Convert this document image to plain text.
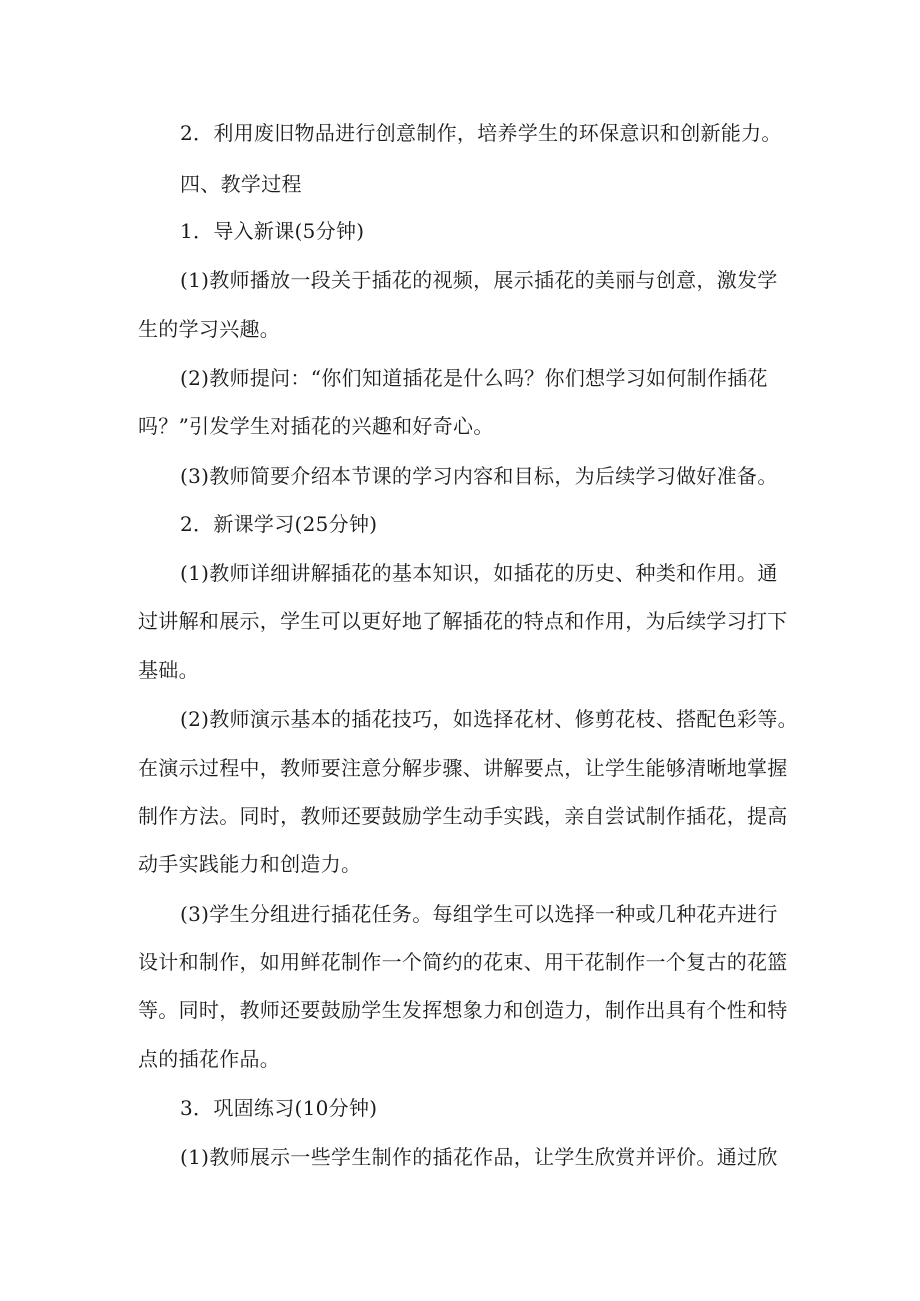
2．利用废旧物品进行创意制作，培养学生的环保意识和创新能力。
四、教学过程
1．导入新课(5分钟)
(1)教师播放一段关于插花的视频，展示插花的美丽与创意，激发学
生的学习兴趣。
(2)教师提问：“你们知道插花是什么吗？你们想学习如何制作插花
吗？”引发学生对插花的兴趣和好奇心。
(3)教师简要介绍本节课的学习内容和目标，为后续学习做好准备。
2．新课学习(25分钟)
(1)教师详细讲解插花的基本知识，如插花的历史、种类和作用。通
过讲解和展示，学生可以更好地了解插花的特点和作用，为后续学习打下
基础。
(2)教师演示基本的插花技巧，如选择花材、修剪花枝、搭配色彩等。
在演示过程中，教师要注意分解步骤、讲解要点，让学生能够清晰地掌握
制作方法。同时，教师还要鼓励学生动手实践，亲自尝试制作插花，提高
动手实践能力和创造力。
(3)学生分组进行插花任务。每组学生可以选择一种或几种花卉进行
设计和制作，如用鲜花制作一个简约的花束、用干花制作一个复古的花篮
等。同时，教师还要鼓励学生发挥想象力和创造力，制作出具有个性和特
点的插花作品。
3．巩固练习(10分钟)
(1)教师展示一些学生制作的插花作品，让学生欣赏并评价。通过欣
